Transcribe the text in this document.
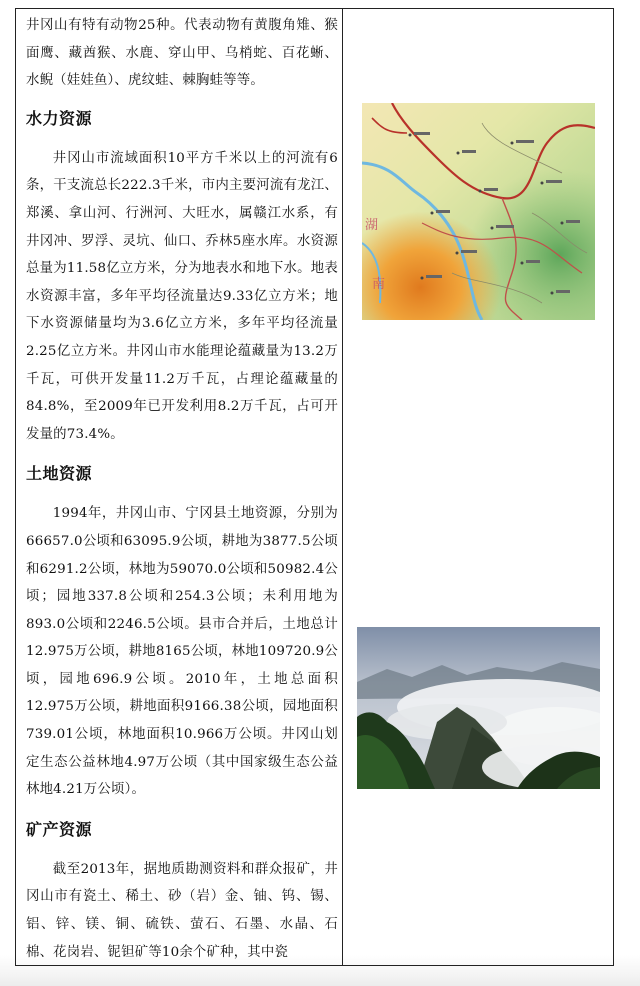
井冈山有特有动物25种。代表动物有黄腹角雉、猴面鹰、藏酋猴、水鹿、穿山甲、乌梢蛇、百花蜥、水鲵（娃娃鱼）、虎纹蛙、棘胸蛙等等。

水力资源

井冈山市流域面积10平方千米以上的河流有6条，干支流总长222.3千米，市内主要河流有龙江、郑溪、拿山河、行洲河、大旺水，属赣江水系，有井冈冲、罗浮、灵坑、仙口、乔林5座水库。水资源总量为11.58亿立方米，分为地表水和地下水。地表水资源丰富，多年平均径流量达9.33亿立方米；地下水资源储量均为3.6亿立方米，多年平均径流量2.25亿立方米。井冈山市水能理论蕴藏量为13.2万千瓦，可供开发量11.2万千瓦，占理论蕴藏量的84.8%，至2009年已开发利用8.2万千瓦，占可开发量的73.4%。

土地资源

1994年，井冈山市、宁冈县土地资源，分别为66657.0公顷和63095.9公顷，耕地为3877.5公顷和6291.2公顷，林地为59070.0公顷和50982.4公顷；园地337.8公顷和254.3公顷；未利用地为893.0公顷和2246.5公顷。县市合并后，土地总计12.975万公顷，耕地8165公顷，林地109720.9公顷，园地696.9公顷。2010年，土地总面积12.975万公顷，耕地面积9166.38公顷，园地面积739.01公顷，林地面积10.966万公顷。井冈山划定生态公益林地4.97万公顷（其中国家级生态公益林地4.21万公顷）。

矿产资源

截至2013年，据地质勘测资料和群众报矿，井冈山市有瓷土、稀土、砂（岩）金、铀、钨、锡、铝、锌、镁、铜、硫铁、萤石、石墨、水晶、石棉、花岗岩、铌钽矿等10余个矿种，其中瓷

湖
南
